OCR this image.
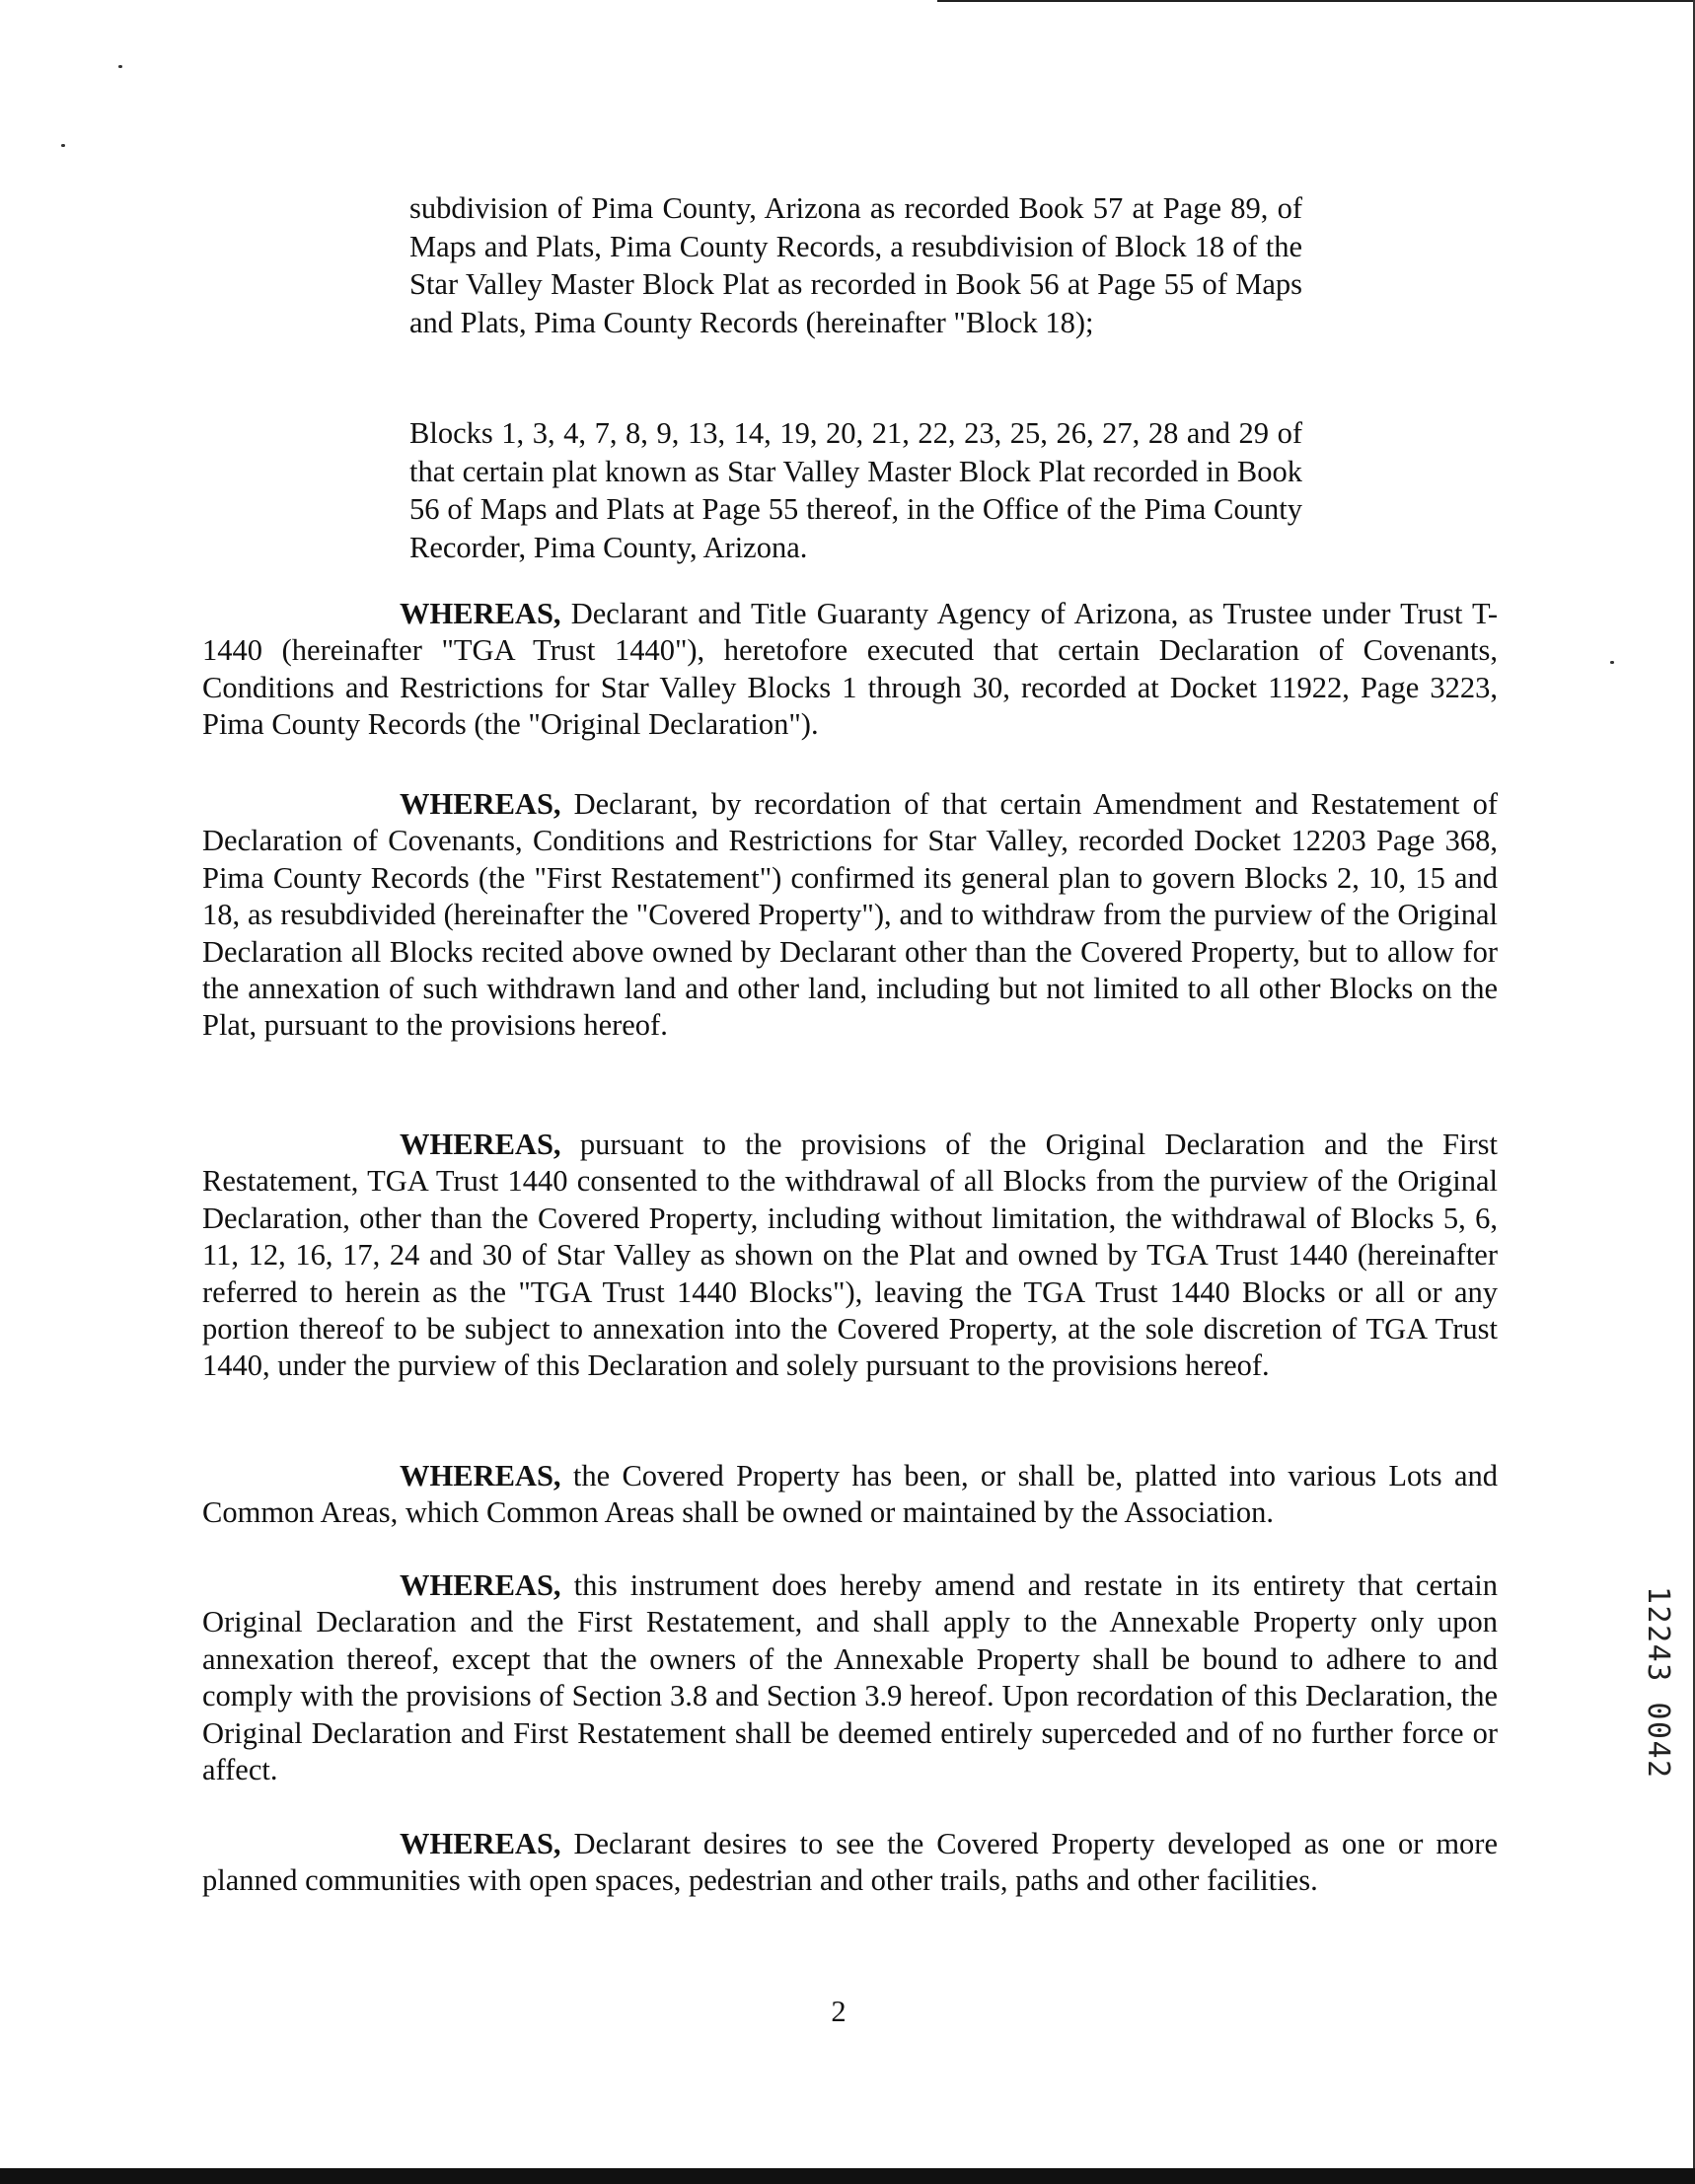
subdivision of Pima County, Arizona as recorded Book 57 at Page 89, of Maps and Plats, Pima County Records, a resubdivision of Block 18 of the Star Valley Master Block Plat as recorded in Book 56 at Page 55 of Maps and Plats, Pima County Records (hereinafter "Block 18);

Blocks 1, 3, 4, 7, 8, 9, 13, 14, 19, 20, 21, 22, 23, 25, 26, 27, 28 and 29 of that certain plat known as Star Valley Master Block Plat recorded in Book 56 of Maps and Plats at Page 55 thereof, in the Office of the Pima County Recorder, Pima County, Arizona.

WHEREAS, Declarant and Title Guaranty Agency of Arizona, as Trustee under Trust T-1440 (hereinafter "TGA Trust 1440"), heretofore executed that certain Declaration of Covenants, Conditions and Restrictions for Star Valley Blocks 1 through 30, recorded at Docket 11922, Page 3223, Pima County Records (the "Original Declaration").

WHEREAS, Declarant, by recordation of that certain Amendment and Restatement of Declaration of Covenants, Conditions and Restrictions for Star Valley, recorded Docket 12203 Page 368, Pima County Records (the "First Restatement") confirmed its general plan to govern Blocks 2, 10, 15 and 18, as resubdivided (hereinafter the "Covered Property"), and to withdraw from the purview of the Original Declaration all Blocks recited above owned by Declarant other than the Covered Property, but to allow for the annexation of such withdrawn land and other land, including but not limited to all other Blocks on the Plat, pursuant to the provisions hereof.

WHEREAS, pursuant to the provisions of the Original Declaration and the First Restatement, TGA Trust 1440 consented to the withdrawal of all Blocks from the purview of the Original Declaration, other than the Covered Property, including without limitation, the withdrawal of Blocks 5, 6, 11, 12, 16, 17, 24 and 30 of Star Valley as shown on the Plat and owned by TGA Trust 1440 (hereinafter referred to herein as the "TGA Trust 1440 Blocks"), leaving the TGA Trust 1440 Blocks or all or any portion thereof to be subject to annexation into the Covered Property, at the sole discretion of TGA Trust 1440, under the purview of this Declaration and solely pursuant to the provisions hereof.

WHEREAS, the Covered Property has been, or shall be, platted into various Lots and Common Areas, which Common Areas shall be owned or maintained by the Association.

WHEREAS, this instrument does hereby amend and restate in its entirety that certain Original Declaration and the First Restatement, and shall apply to the Annexable Property only upon annexation thereof, except that the owners of the Annexable Property shall be bound to adhere to and comply with the provisions of Section 3.8 and Section 3.9 hereof. Upon recordation of this Declaration, the Original Declaration and First Restatement shall be deemed entirely superceded and of no further force or affect.

WHEREAS, Declarant desires to see the Covered Property developed as one or more planned communities with open spaces, pedestrian and other trails, paths and other facilities.

2
12243 0042
